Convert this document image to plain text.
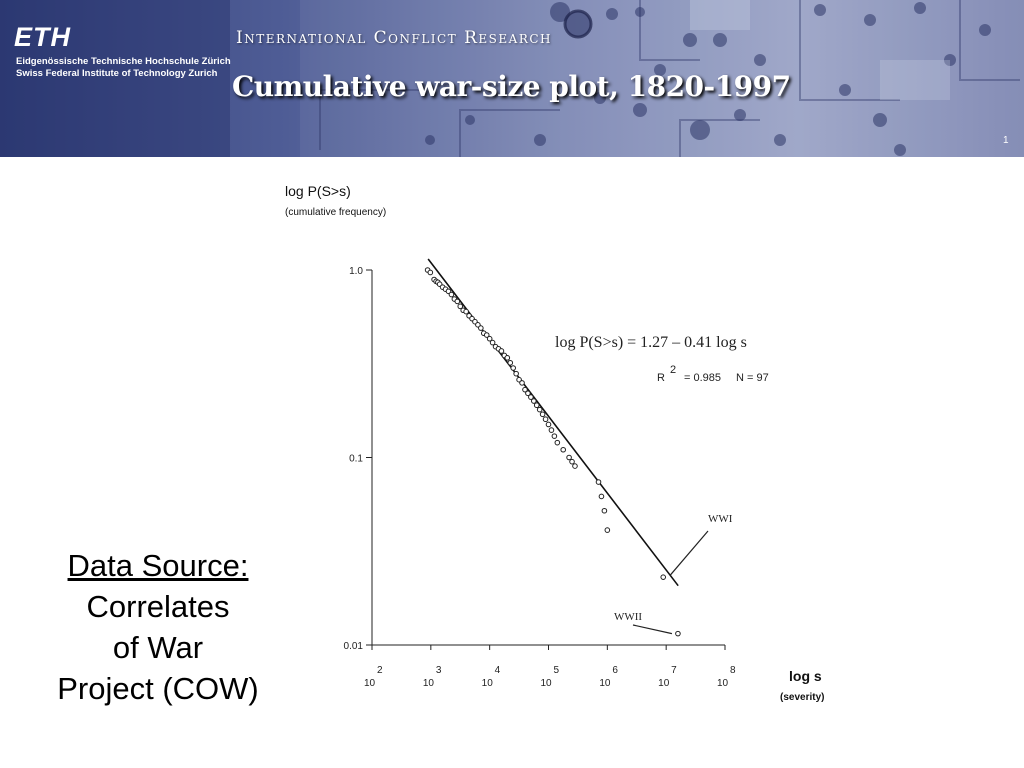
ETH
Eidgenössische Technische Hochschule Zürich
Swiss Federal Institute of Technology Zurich
International Conflict Research
Cumulative war-size plot, 1820-1997
1
Data Source:
Correlates
of War
Project (COW)
log P(S>s)
(cumulative frequency)
log s
(severity)
log P(S>s) = 1.27 – 0.41 log s
R
2
= 0.985 N = 97
1.0
0.1
0.01
2
10
3
10
4
10
5
10
6
10
7
10
8
10
WWI
WWII
